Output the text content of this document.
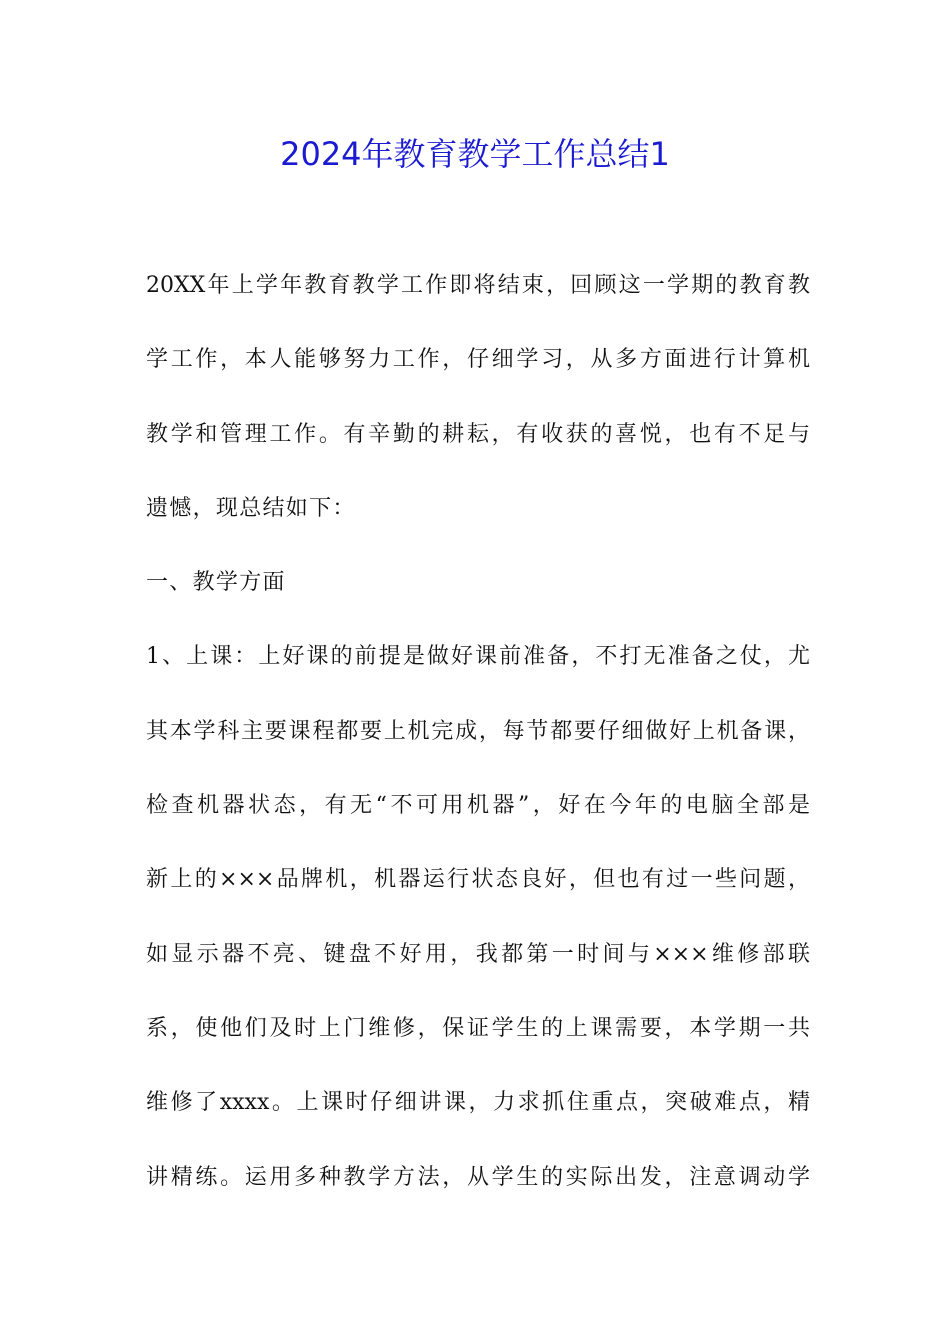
2024年教育教学工作总结1
20XX年上学年教育教学工作即将结束，回顾这一学期的教育教
学工作，本人能够努力工作，仔细学习，从多方面进行计算机
教学和管理工作。有辛勤的耕耘，有收获的喜悦，也有不足与
遗憾，现总结如下：
一、教学方面
1、上课：上好课的前提是做好课前准备，不打无准备之仗，尤
其本学科主要课程都要上机完成，每节都要仔细做好上机备课，
检查机器状态，有无“不可用机器”，好在今年的电脑全部是
新上的×××品牌机，机器运行状态良好，但也有过一些问题，
如显示器不亮、键盘不好用，我都第一时间与×××维修部联
系，使他们及时上门维修，保证学生的上课需要，本学期一共
维修了xxxx。上课时仔细讲课，力求抓住重点，突破难点，精
讲精练。运用多种教学方法，从学生的实际出发，注意调动学
